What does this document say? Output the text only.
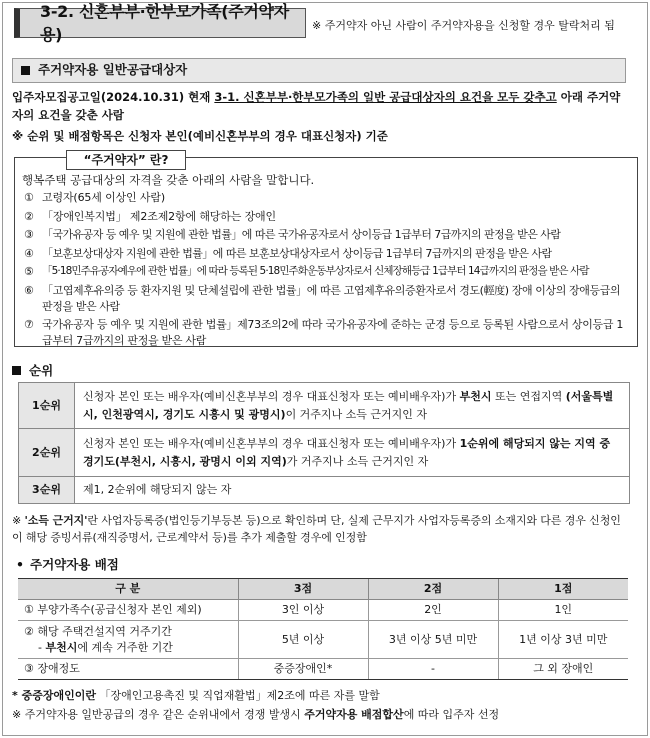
3-2. 신혼부부·한부모가족(주거약자용)	※ 주거약자 아닌 사람이 주거약자용을 신청할 경우 탈락처리 됨
주거약자용 일반공급대상자
입주자모집공고일(2024.10.31) 현재 3-1. 신혼부부·한부모가족의 일반 공급대상자의 요건을 모두 갖추고 아래 주거약자의 요건을 갖춘 사람
※ 순위 및 배점항목은 신청자 본인(예비신혼부부의 경우 대표신청자) 기준
“주거약자” 란?
행복주택 공급대상의 자격을 갖춘 아래의 사람을 말합니다.
① 고령자(65세 이상인 사람)
② 「장애인복지법」 제2조제2항에 해당하는 장애인
③ 「국가유공자 등 예우 및 지원에 관한 법률」에 따른 국가유공자로서 상이등급 1급부터 7급까지의 판정을 받은 사람
④ 「보훈보상대상자 지원에 관한 법률」에 따른 보훈보상대상자로서 상이등급 1급부터 7급까지의 판정을 받은 사람
⑤ 「5·18민주유공자예우에 관한 법률」에 따라 등록된 5·18민주화운동부상자로서 신체장해등급 1급부터 14급까지의 판정을 받은 사람
⑥ 「고엽제후유의증 등 환자지원 및 단체설립에 관한 법률」에 따른 고엽제후유의증환자로서 경도(輕度) 장애 이상의 장애등급의 판정을 받은 사람
⑦ 국가유공자 등 예우 및 지원에 관한 법률」제73조의2에 따라 국가유공자에 준하는 군경 등으로 등록된 사람으로서 상이등급 1급부터 7급까지의 판정을 받은 사람
순위
1순위	신청자 본인 또는 배우자(예비신혼부부의 경우 대표신청자 또는 예비배우자)가 부천시 또는 연접지역 (서울특별시, 인천광역시, 경기도 시흥시 및 광명시)이 거주지나 소득 근거지인 자
2순위	신청자 본인 또는 배우자(예비신혼부부의 경우 대표신청자 또는 예비배우자)가 1순위에 해당되지 않는 지역 중 경기도(부천시, 시흥시, 광명시 이외 지역)가 거주지나 소득 근거지인 자
3순위	제1, 2순위에 해당되지 않는 자
※ '소득 근거지'란 사업자등록증(법인등기부등본 등)으로 확인하며 단, 실제 근무지가 사업자등록증의 소재지와 다른 경우 신청인이 해당 증빙서류(재직증명서, 근로계약서 등)를 추가 제출할 경우에 인정함
• 주거약자용 배점
구 분	3점	2점	1점
① 부양가족수(공급신청자 본인 제외)	3인 이상	2인	1인

② 해당 주택건설지역 거주기간
- 부천시에 계속 거주한 기간	5년 이상	3년 이상 5년 미만	1년 이상 3년 미만
③ 장애정도	중증장애인*	-	그 외 장애인
* 중증장애인이란 「장애인고용촉진 및 직업재활법」제2조에 따른 자를 말함
※ 주거약자용 일반공급의 경우 같은 순위내에서 경쟁 발생시 주거약자용 배점합산에 따라 입주자 선정
